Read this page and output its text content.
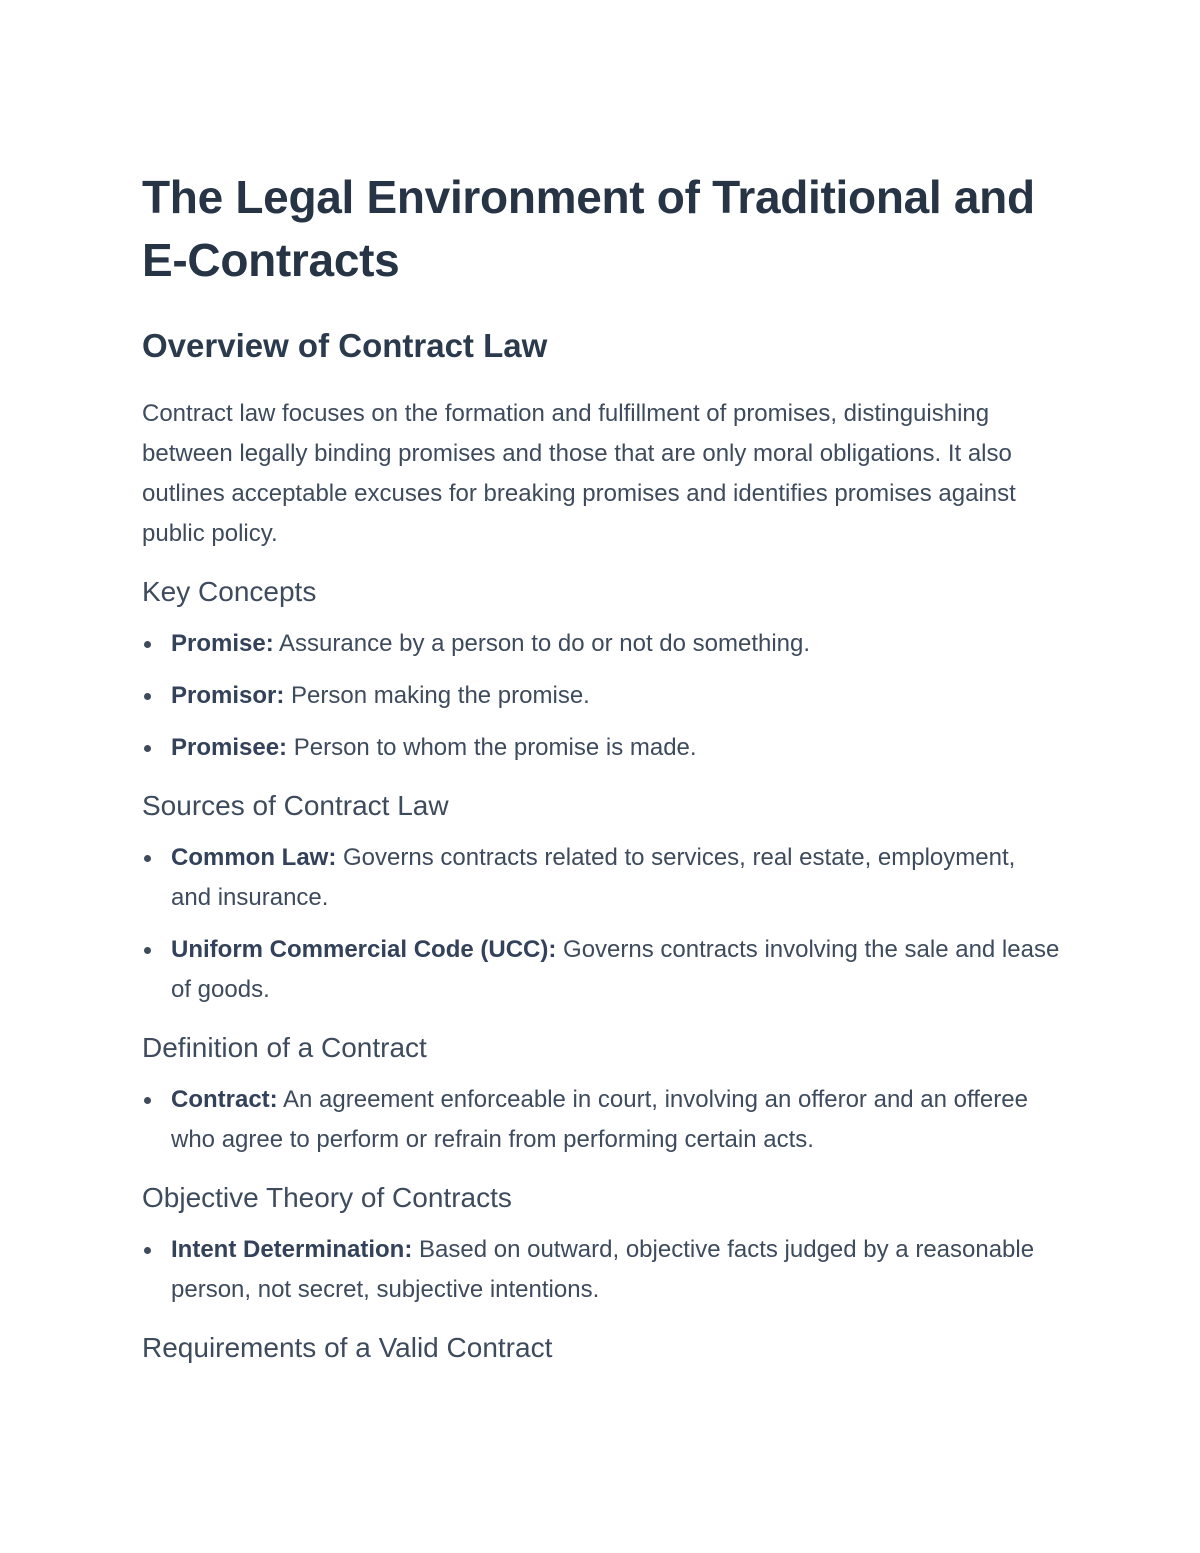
The Legal Environment of Traditional and E-Contracts
Overview of Contract Law

Contract law focuses on the formation and fulfillment of promises, distinguishing between legally binding promises and those that are only moral obligations. It also outlines acceptable excuses for breaking promises and identifies promises against public policy.

Key Concepts
Promise: Assurance by a person to do or not do something.
Promisor: Person making the promise.
Promisee: Person to whom the promise is made.
Sources of Contract Law
Common Law: Governs contracts related to services, real estate, employment, and insurance.
Uniform Commercial Code (UCC): Governs contracts involving the sale and lease of goods.
Definition of a Contract
Contract: An agreement enforceable in court, involving an offeror and an offeree who agree to perform or refrain from performing certain acts.
Objective Theory of Contracts
Intent Determination: Based on outward, objective facts judged by a reasonable person, not secret, subjective intentions.
Requirements of a Valid Contract
